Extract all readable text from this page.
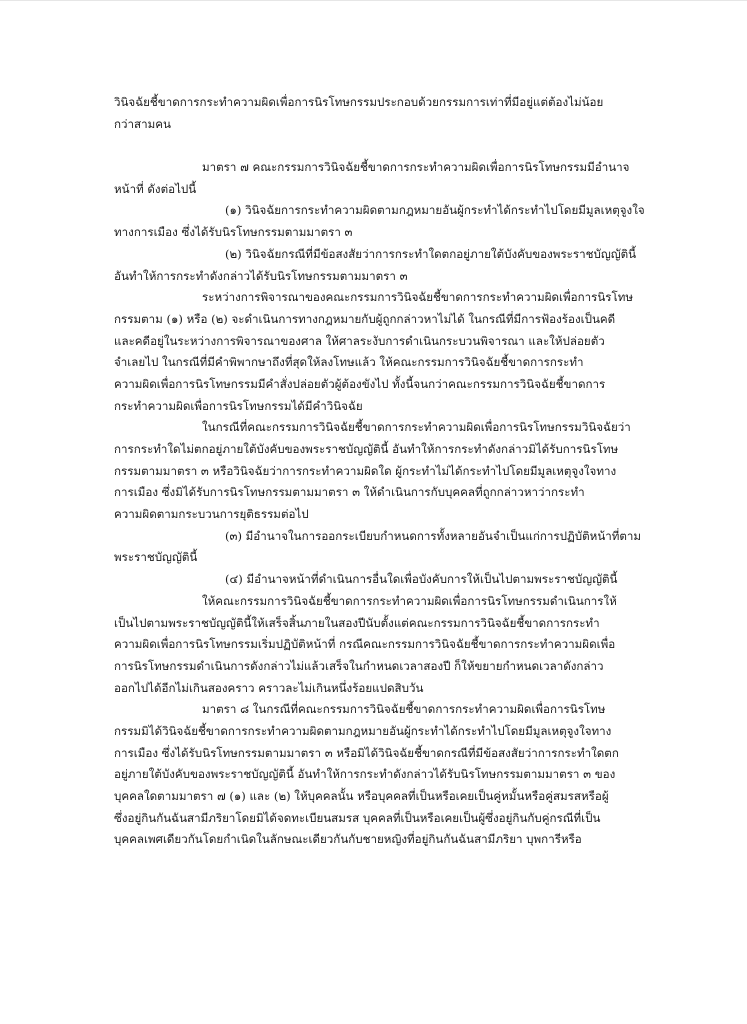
วินิจฉัยชี้ขาดการกระทำความผิดเพื่อการนิรโทษกรรมประกอบด้วยกรรมการเท่าที่มีอยู่แต่ต้องไม่น้อย
กว่าสามคน
มาตรา ๗ คณะกรรมการวินิจฉัยชี้ขาดการกระทำความผิดเพื่อการนิรโทษกรรมมีอำนาจ
หน้าที่ ดังต่อไปนี้
(๑) วินิจฉัยการกระทำความผิดตามกฎหมายอันผู้กระทำได้กระทำไปโดยมีมูลเหตุจูงใจ
ทางการเมือง ซึ่งได้รับนิรโทษกรรมตามมาตรา ๓
(๒) วินิจฉัยกรณีที่มีข้อสงสัยว่าการกระทำใดตกอยู่ภายใต้บังคับของพระราชบัญญัตินี้
อันทำให้การกระทำดังกล่าวได้รับนิรโทษกรรมตามมาตรา ๓
ระหว่างการพิจารณาของคณะกรรมการวินิจฉัยชี้ขาดการกระทำความผิดเพื่อการนิรโทษ
กรรมตาม (๑) หรือ (๒) จะดำเนินการทางกฎหมายกับผู้ถูกกล่าวหาไม่ได้ ในกรณีที่มีการฟ้องร้องเป็นคดี
และคดีอยู่ในระหว่างการพิจารณาของศาล ให้ศาลระงับการดำเนินกระบวนพิจารณา และให้ปล่อยตัว
จำเลยไป ในกรณีที่มีคำพิพากษาถึงที่สุดให้ลงโทษแล้ว ให้คณะกรรมการวินิจฉัยชี้ขาดการกระทำ
ความผิดเพื่อการนิรโทษกรรมมีคำสั่งปล่อยตัวผู้ต้องขังไป ทั้งนี้จนกว่าคณะกรรมการวินิจฉัยชี้ขาดการ
กระทำความผิดเพื่อการนิรโทษกรรมได้มีคำวินิจฉัย
ในกรณีที่คณะกรรมการวินิจฉัยชี้ขาดการกระทำความผิดเพื่อการนิรโทษกรรมวินิจฉัยว่า
การกระทำใดไม่ตกอยู่ภายใต้บังคับของพระราชบัญญัตินี้ อันทำให้การกระทำดังกล่าวมิได้รับการนิรโทษ
กรรมตามมาตรา ๓ หรือวินิจฉัยว่าการกระทำความผิดใด ผู้กระทำไม่ได้กระทำไปโดยมีมูลเหตุจูงใจทาง
การเมือง ซึ่งมิได้รับการนิรโทษกรรมตามมาตรา ๓ ให้ดำเนินการกับบุคคลที่ถูกกล่าวหาว่ากระทำ
ความผิดตามกระบวนการยุติธรรมต่อไป
(๓) มีอำนาจในการออกระเบียบกำหนดการทั้งหลายอันจำเป็นแก่การปฏิบัติหน้าที่ตาม
พระราชบัญญัตินี้
(๔) มีอำนาจหน้าที่ดำเนินการอื่นใดเพื่อบังคับการให้เป็นไปตามพระราชบัญญัตินี้
ให้คณะกรรมการวินิจฉัยชี้ขาดการกระทำความผิดเพื่อการนิรโทษกรรมดำเนินการให้
เป็นไปตามพระราชบัญญัตินี้ให้เสร็จสิ้นภายในสองปีนับตั้งแต่คณะกรรมการวินิจฉัยชี้ขาดการกระทำ
ความผิดเพื่อการนิรโทษกรรมเริ่มปฏิบัติหน้าที่ กรณีคณะกรรมการวินิจฉัยชี้ขาดการกระทำความผิดเพื่อ
การนิรโทษกรรมดำเนินการดังกล่าวไม่แล้วเสร็จในกำหนดเวลาสองปี ก็ให้ขยายกำหนดเวลาดังกล่าว
ออกไปได้อีกไม่เกินสองคราว คราวละไม่เกินหนึ่งร้อยแปดสิบวัน
มาตรา ๘ ในกรณีที่คณะกรรมการวินิจฉัยชี้ขาดการกระทำความผิดเพื่อการนิรโทษ
กรรมมิได้วินิจฉัยชี้ขาดการกระทำความผิดตามกฎหมายอันผู้กระทำได้กระทำไปโดยมีมูลเหตุจูงใจทาง
การเมือง ซึ่งได้รับนิรโทษกรรมตามมาตรา ๓ หรือมิได้วินิจฉัยชี้ขาดกรณีที่มีข้อสงสัยว่าการกระทำใดตก
อยู่ภายใต้บังคับของพระราชบัญญัตินี้ อันทำให้การกระทำดังกล่าวได้รับนิรโทษกรรมตามมาตรา ๓ ของ
บุคคลใดตามมาตรา ๗ (๑) และ (๒) ให้บุคคลนั้น หรือบุคคลที่เป็นหรือเคยเป็นคู่หมั้นหรือคู่สมรสหรือผู้
ซึ่งอยู่กินกันฉันสามีภริยาโดยมิได้จดทะเบียนสมรส บุคคลที่เป็นหรือเคยเป็นผู้ซึ่งอยู่กินกับคู่กรณีที่เป็น
บุคคลเพศเดียวกันโดยกำเนิดในลักษณะเดียวกันกับชายหญิงที่อยู่กินกันฉันสามีภริยา บุพการีหรือ
